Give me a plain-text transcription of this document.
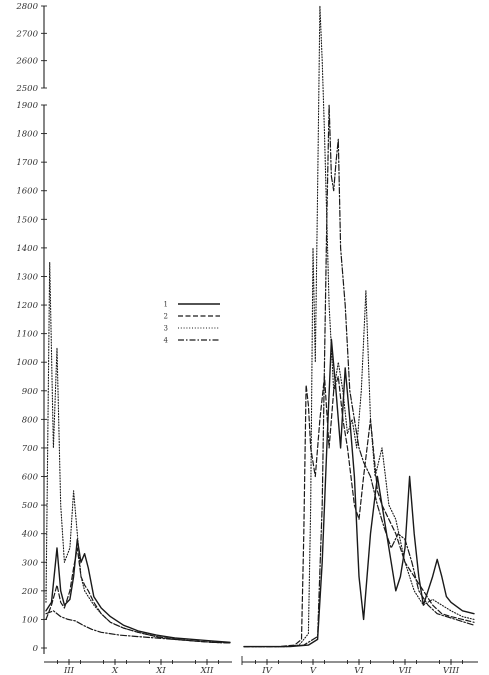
0
100
200
300
400
500
600
700
800
900
1000
1100
1200
1300
1400
1500
1600
1700
1800
1900
2500
2600
2700
2800
III	X	XI	XII	IV	V	VI	VII	VIII
1
2
3
4
